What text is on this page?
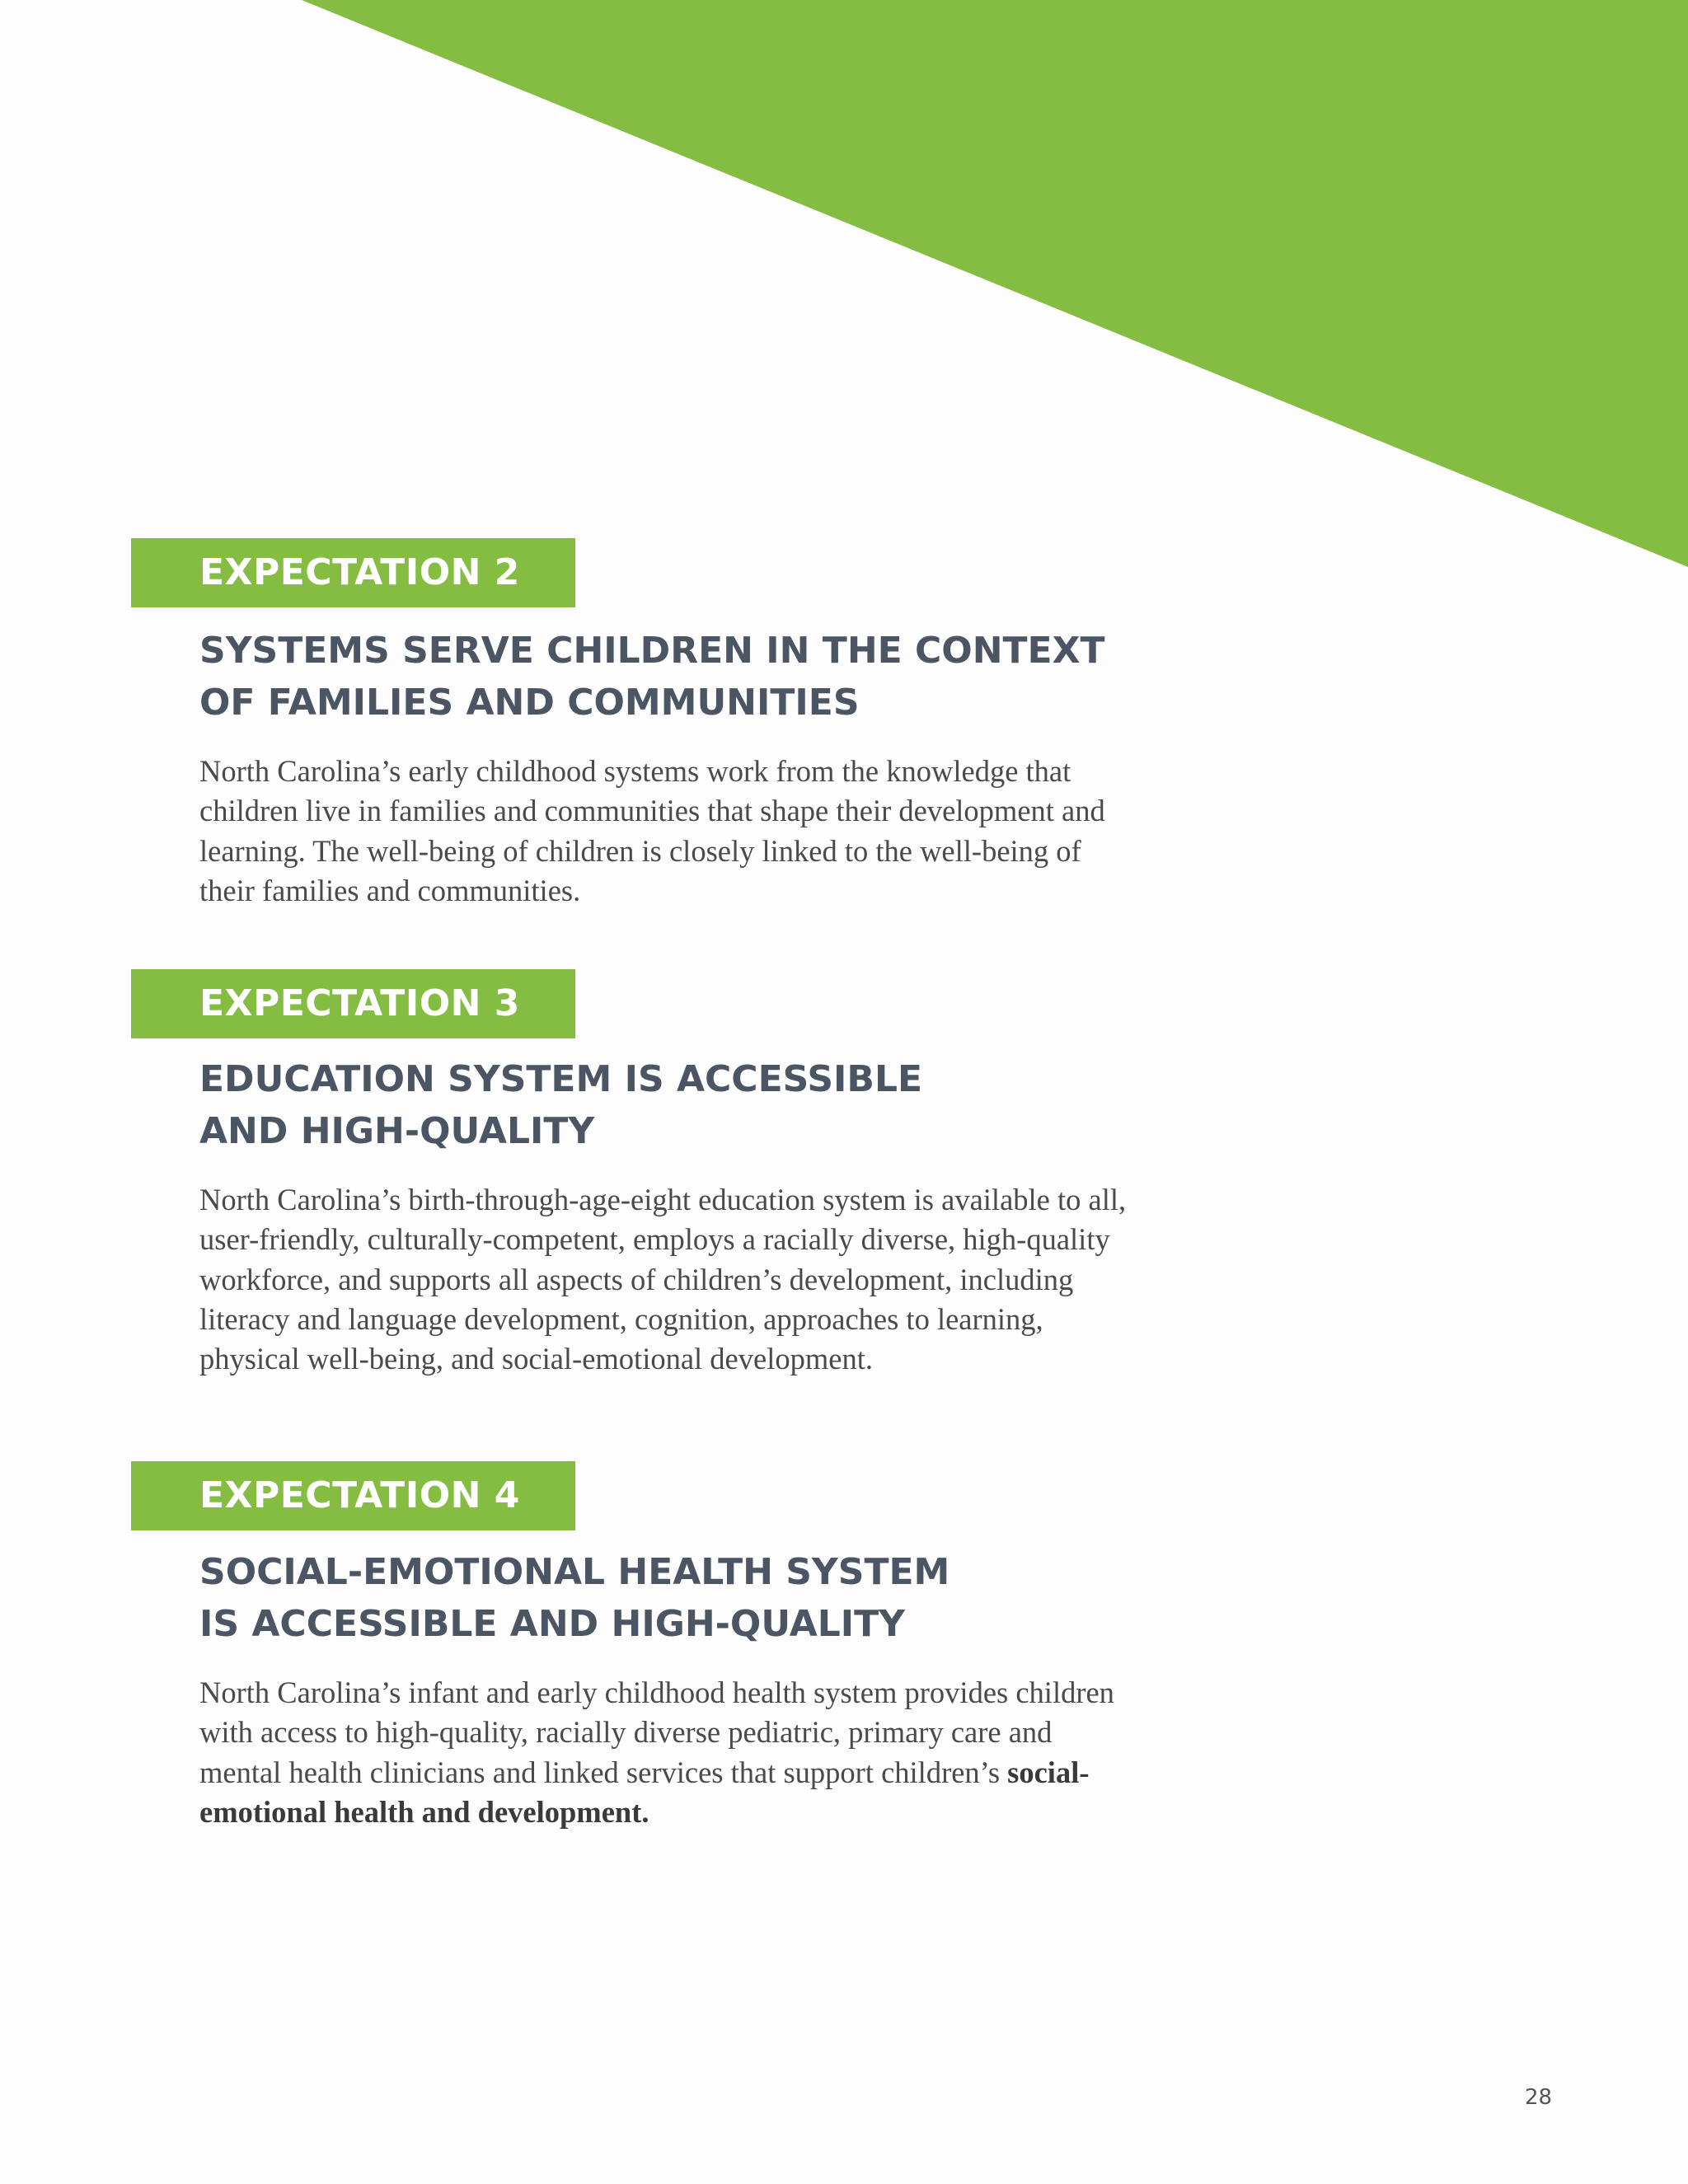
EXPECTATION 2
SYSTEMS SERVE CHILDREN IN THE CONTEXT
OF FAMILIES AND COMMUNITIES

North Carolina’s early childhood systems work from the knowledge that
children live in families and communities that shape their development and
learning. The well-being of children is closely linked to the well-being of
their families and communities.

EXPECTATION 3
EDUCATION SYSTEM IS ACCESSIBLE
AND HIGH-QUALITY

North Carolina’s birth-through-age-eight education system is available to all,
user-friendly, culturally-competent, employs a racially diverse, high-quality
workforce, and supports all aspects of children’s development, including
literacy and language development, cognition, approaches to learning,
physical well-being, and social-emotional development.

EXPECTATION 4
SOCIAL-EMOTIONAL HEALTH SYSTEM
IS ACCESSIBLE AND HIGH-QUALITY

North Carolina’s infant and early childhood health system provides children
with access to high-quality, racially diverse pediatric, primary care and
mental health clinicians and linked services that support children’s social-
emotional health and development.

28
